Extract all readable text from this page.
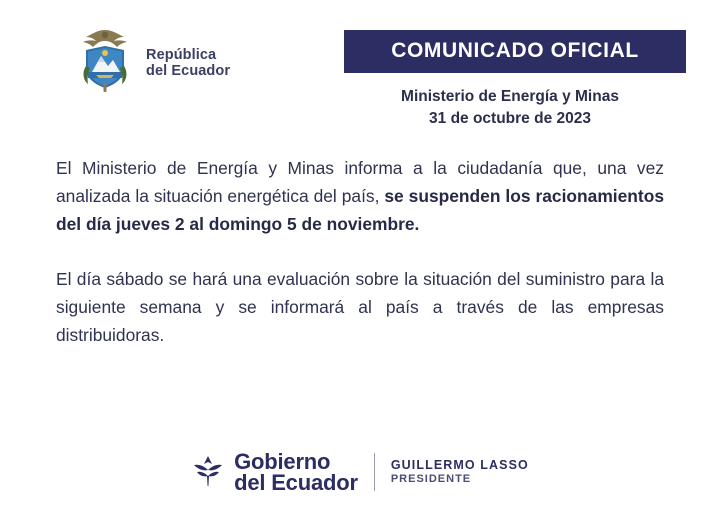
República
del Ecuador
COMUNICADO OFICIAL
Ministerio de Energía y Minas
31 de octubre de 2023

El Ministerio de Energía y Minas informa a la ciudadanía que, una vez analizada la situación energética del país, se suspenden los racionamientos del día jueves 2 al domingo 5 de noviembre.

El día sábado se hará una evaluación sobre la situación del suministro para la siguiente semana y se informará al país a través de las empresas distribuidoras.

Gobierno
del Ecuador
GUILLERMO LASSO
PRESIDENTE
